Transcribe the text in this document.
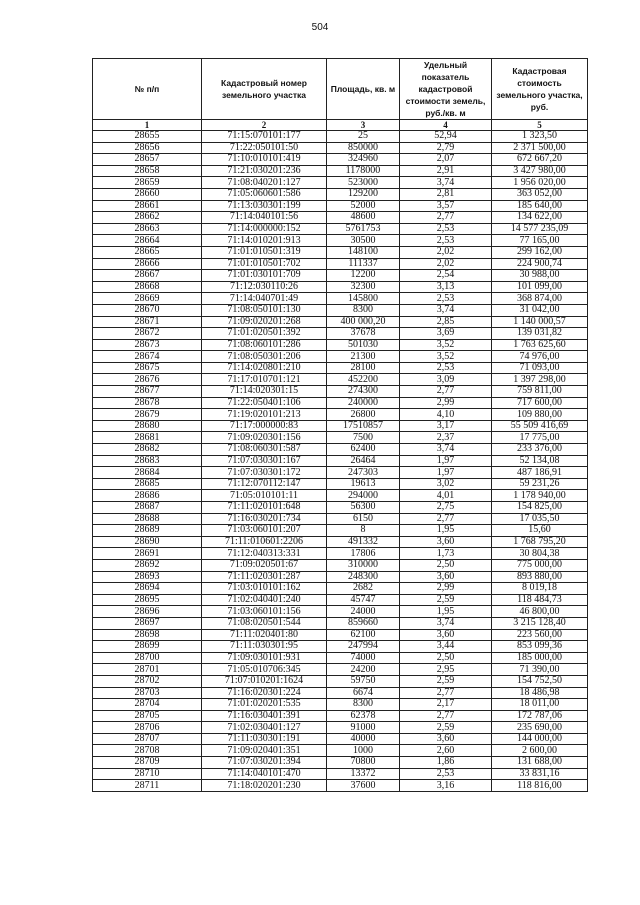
504
№ п/п	Кадастровый номер земельного участка	Площадь, кв. м	Удельный показатель кадастровой стоимости земель, руб./кв. м	Кадастровая стоимость земельного участка, руб.
1	2	3	4	5
28655	71:15:070101:177	25	52,94	1 323,50
28656	71:22:050101:50	850000	2,79	2 371 500,00
28657	71:10:010101:419	324960	2,07	672 667,20
28658	71:21:030201:236	1178000	2,91	3 427 980,00
28659	71:08:040201:127	523000	3,74	1 956 020,00
28660	71:05:060601:586	129200	2,81	363 052,00
28661	71:13:030301:199	52000	3,57	185 640,00
28662	71:14:040101:56	48600	2,77	134 622,00
28663	71:14:000000:152	5761753	2,53	14 577 235,09
28664	71:14:010201:913	30500	2,53	77 165,00
28665	71:01:010501:319	148100	2,02	299 162,00
28666	71:01:010501:702	111337	2,02	224 900,74
28667	71:01:030101:709	12200	2,54	30 988,00
28668	71:12:030110:26	32300	3,13	101 099,00
28669	71:14:040701:49	145800	2,53	368 874,00
28670	71:08:050101:130	8300	3,74	31 042,00
28671	71:09:020201:268	400 000,20	2,85	1 140 000,57
28672	71:01:020501:392	37678	3,69	139 031,82
28673	71:08:060101:286	501030	3,52	1 763 625,60
28674	71:08:050301:206	21300	3,52	74 976,00
28675	71:14:020801:210	28100	2,53	71 093,00
28676	71:17:010701:121	452200	3,09	1 397 298,00
28677	71:14:020301:15	274300	2,77	759 811,00
28678	71:22:050401:106	240000	2,99	717 600,00
28679	71:19:020101:213	26800	4,10	109 880,00
28680	71:17:000000:83	17510857	3,17	55 509 416,69
28681	71:09:020301:156	7500	2,37	17 775,00
28682	71:08:060301:587	62400	3,74	233 376,00
28683	71:07:030301:167	26464	1,97	52 134,08
28684	71:07:030301:172	247303	1,97	487 186,91
28685	71:12:070112:147	19613	3,02	59 231,26
28686	71:05:010101:11	294000	4,01	1 178 940,00
28687	71:11:020101:648	56300	2,75	154 825,00
28688	71:16:030201:734	6150	2,77	17 035,50
28689	71:03:060101:207	8	1,95	15,60
28690	71:11:010601:2206	491332	3,60	1 768 795,20
28691	71:12:040313:331	17806	1,73	30 804,38
28692	71:09:020501:67	310000	2,50	775 000,00
28693	71:11:020301:287	248300	3,60	893 880,00
28694	71:03:010101:162	2682	2,99	8 019,18
28695	71:02:040401:240	45747	2,59	118 484,73
28696	71:03:060101:156	24000	1,95	46 800,00
28697	71:08:020501:544	859660	3,74	3 215 128,40
28698	71:11:020401:80	62100	3,60	223 560,00
28699	71:11:030301:95	247994	3,44	853 099,36
28700	71:09:030101:931	74000	2,50	185 000,00
28701	71:05:010706:345	24200	2,95	71 390,00
28702	71:07:010201:1624	59750	2,59	154 752,50
28703	71:16:020301:224	6674	2,77	18 486,98
28704	71:01:020201:535	8300	2,17	18 011,00
28705	71:16:030401:391	62378	2,77	172 787,06
28706	71:02:030401:127	91000	2,59	235 690,00
28707	71:11:030301:191	40000	3,60	144 000,00
28708	71:09:020401:351	1000	2,60	2 600,00
28709	71:07:030201:394	70800	1,86	131 688,00
28710	71:14:040101:470	13372	2,53	33 831,16
28711	71:18:020201:230	37600	3,16	118 816,00
